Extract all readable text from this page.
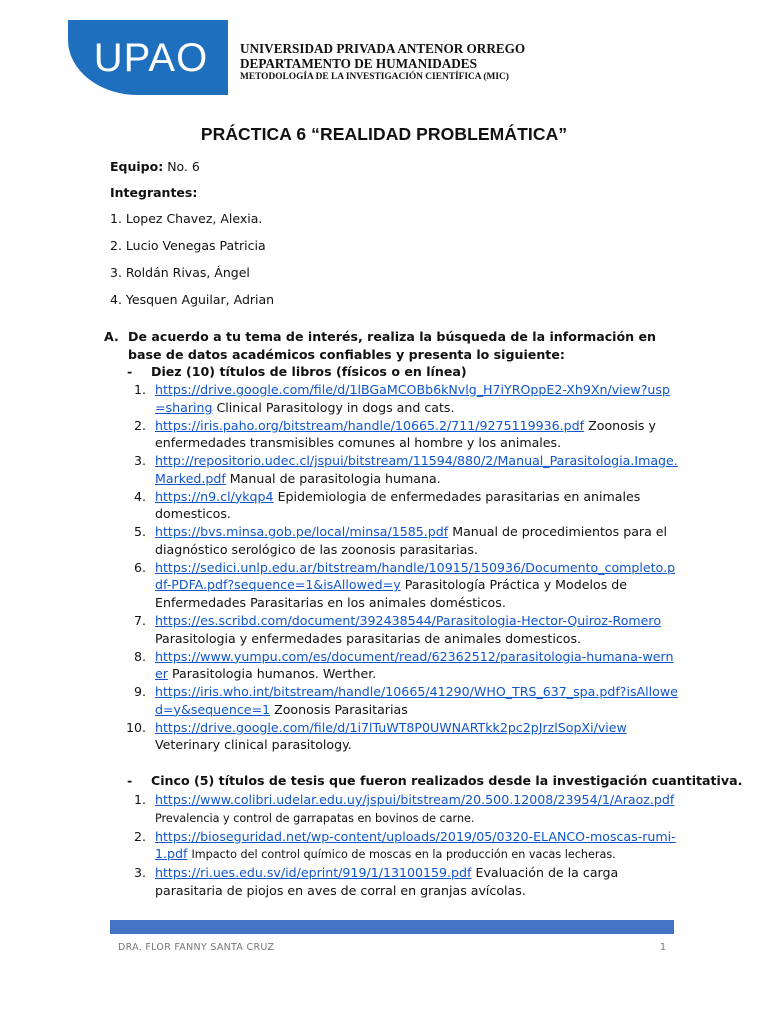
UPAO UNIVERSIDAD PRIVADA ANTENOR ORREGO
DEPARTAMENTO DE HUMANIDADES
METODOLOGÍA DE LA INVESTIGACIÓN CIENTÍFICA (MIC)
PRÁCTICA 6 “REALIDAD PROBLEMÁTICA”
Equipo: No. 6
Integrantes:
1. Lopez Chavez, Alexia.
2. Lucio Venegas Patricia
3. Roldán Rivas, Ángel
4. Yesquen Aguilar, Adrian
A. De acuerdo a tu tema de interés, realiza la búsqueda de la información en base de datos académicos confiables y presenta lo siguiente:
- Diez (10) títulos de libros (físicos o en línea)
1. https://drive.google.com/file/d/1lBGaMCOBb6kNvlg_H7iYROppE2-Xh9Xn/view?usp=sharing Clinical Parasitology in dogs and cats.
2. https://iris.paho.org/bitstream/handle/10665.2/711/9275119936.pdf Zoonosis y enfermedades transmisibles comunes al hombre y los animales.
3. http://repositorio.udec.cl/jspui/bitstream/11594/880/2/Manual_Parasitologia.Image.Marked.pdf Manual de parasitologia humana.
4. https://n9.cl/ykqp4 Epidemiologia de enfermedades parasitarias en animales domesticos.
5. https://bvs.minsa.gob.pe/local/minsa/1585.pdf Manual de procedimientos para el diagnóstico serológico de las zoonosis parasitarias.
6. https://sedici.unlp.edu.ar/bitstream/handle/10915/150936/Documento_completo.pdf-PDFA.pdf?sequence=1&isAllowed=y Parasitología Práctica y Modelos de Enfermedades Parasitarias en los animales domésticos.
7. https://es.scribd.com/document/392438544/Parasitologia-Hector-Quiroz-Romero Parasitologia y enfermedades parasitarias de animales domesticos.
8. https://www.yumpu.com/es/document/read/62362512/parasitologia-humana-werner Parasitologia humanos. Werther.
9. https://iris.who.int/bitstream/handle/10665/41290/WHO_TRS_637_spa.pdf?isAllowed=y&sequence=1 Zoonosis Parasitarias
10. https://drive.google.com/file/d/1i7lTuWT8P0UWNARTkk2pc2pJrzlSopXi/view Veterinary clinical parasitology.
- Cinco (5) títulos de tesis que fueron realizados desde la investigación cuantitativa.
1. https://www.colibri.udelar.edu.uy/jspui/bitstream/20.500.12008/23954/1/Araoz.pdf Prevalencia y control de garrapatas en bovinos de carne.
2. https://bioseguridad.net/wp-content/uploads/2019/05/0320-ELANCO-moscas-rumi-1.pdf Impacto del control químico de moscas en la producción en vacas lecheras.
3. https://ri.ues.edu.sv/id/eprint/919/1/13100159.pdf Evaluación de la carga parasitaria de piojos en aves de corral en granjas avícolas.
DRA. FLOR FANNY SANTA CRUZ	1
